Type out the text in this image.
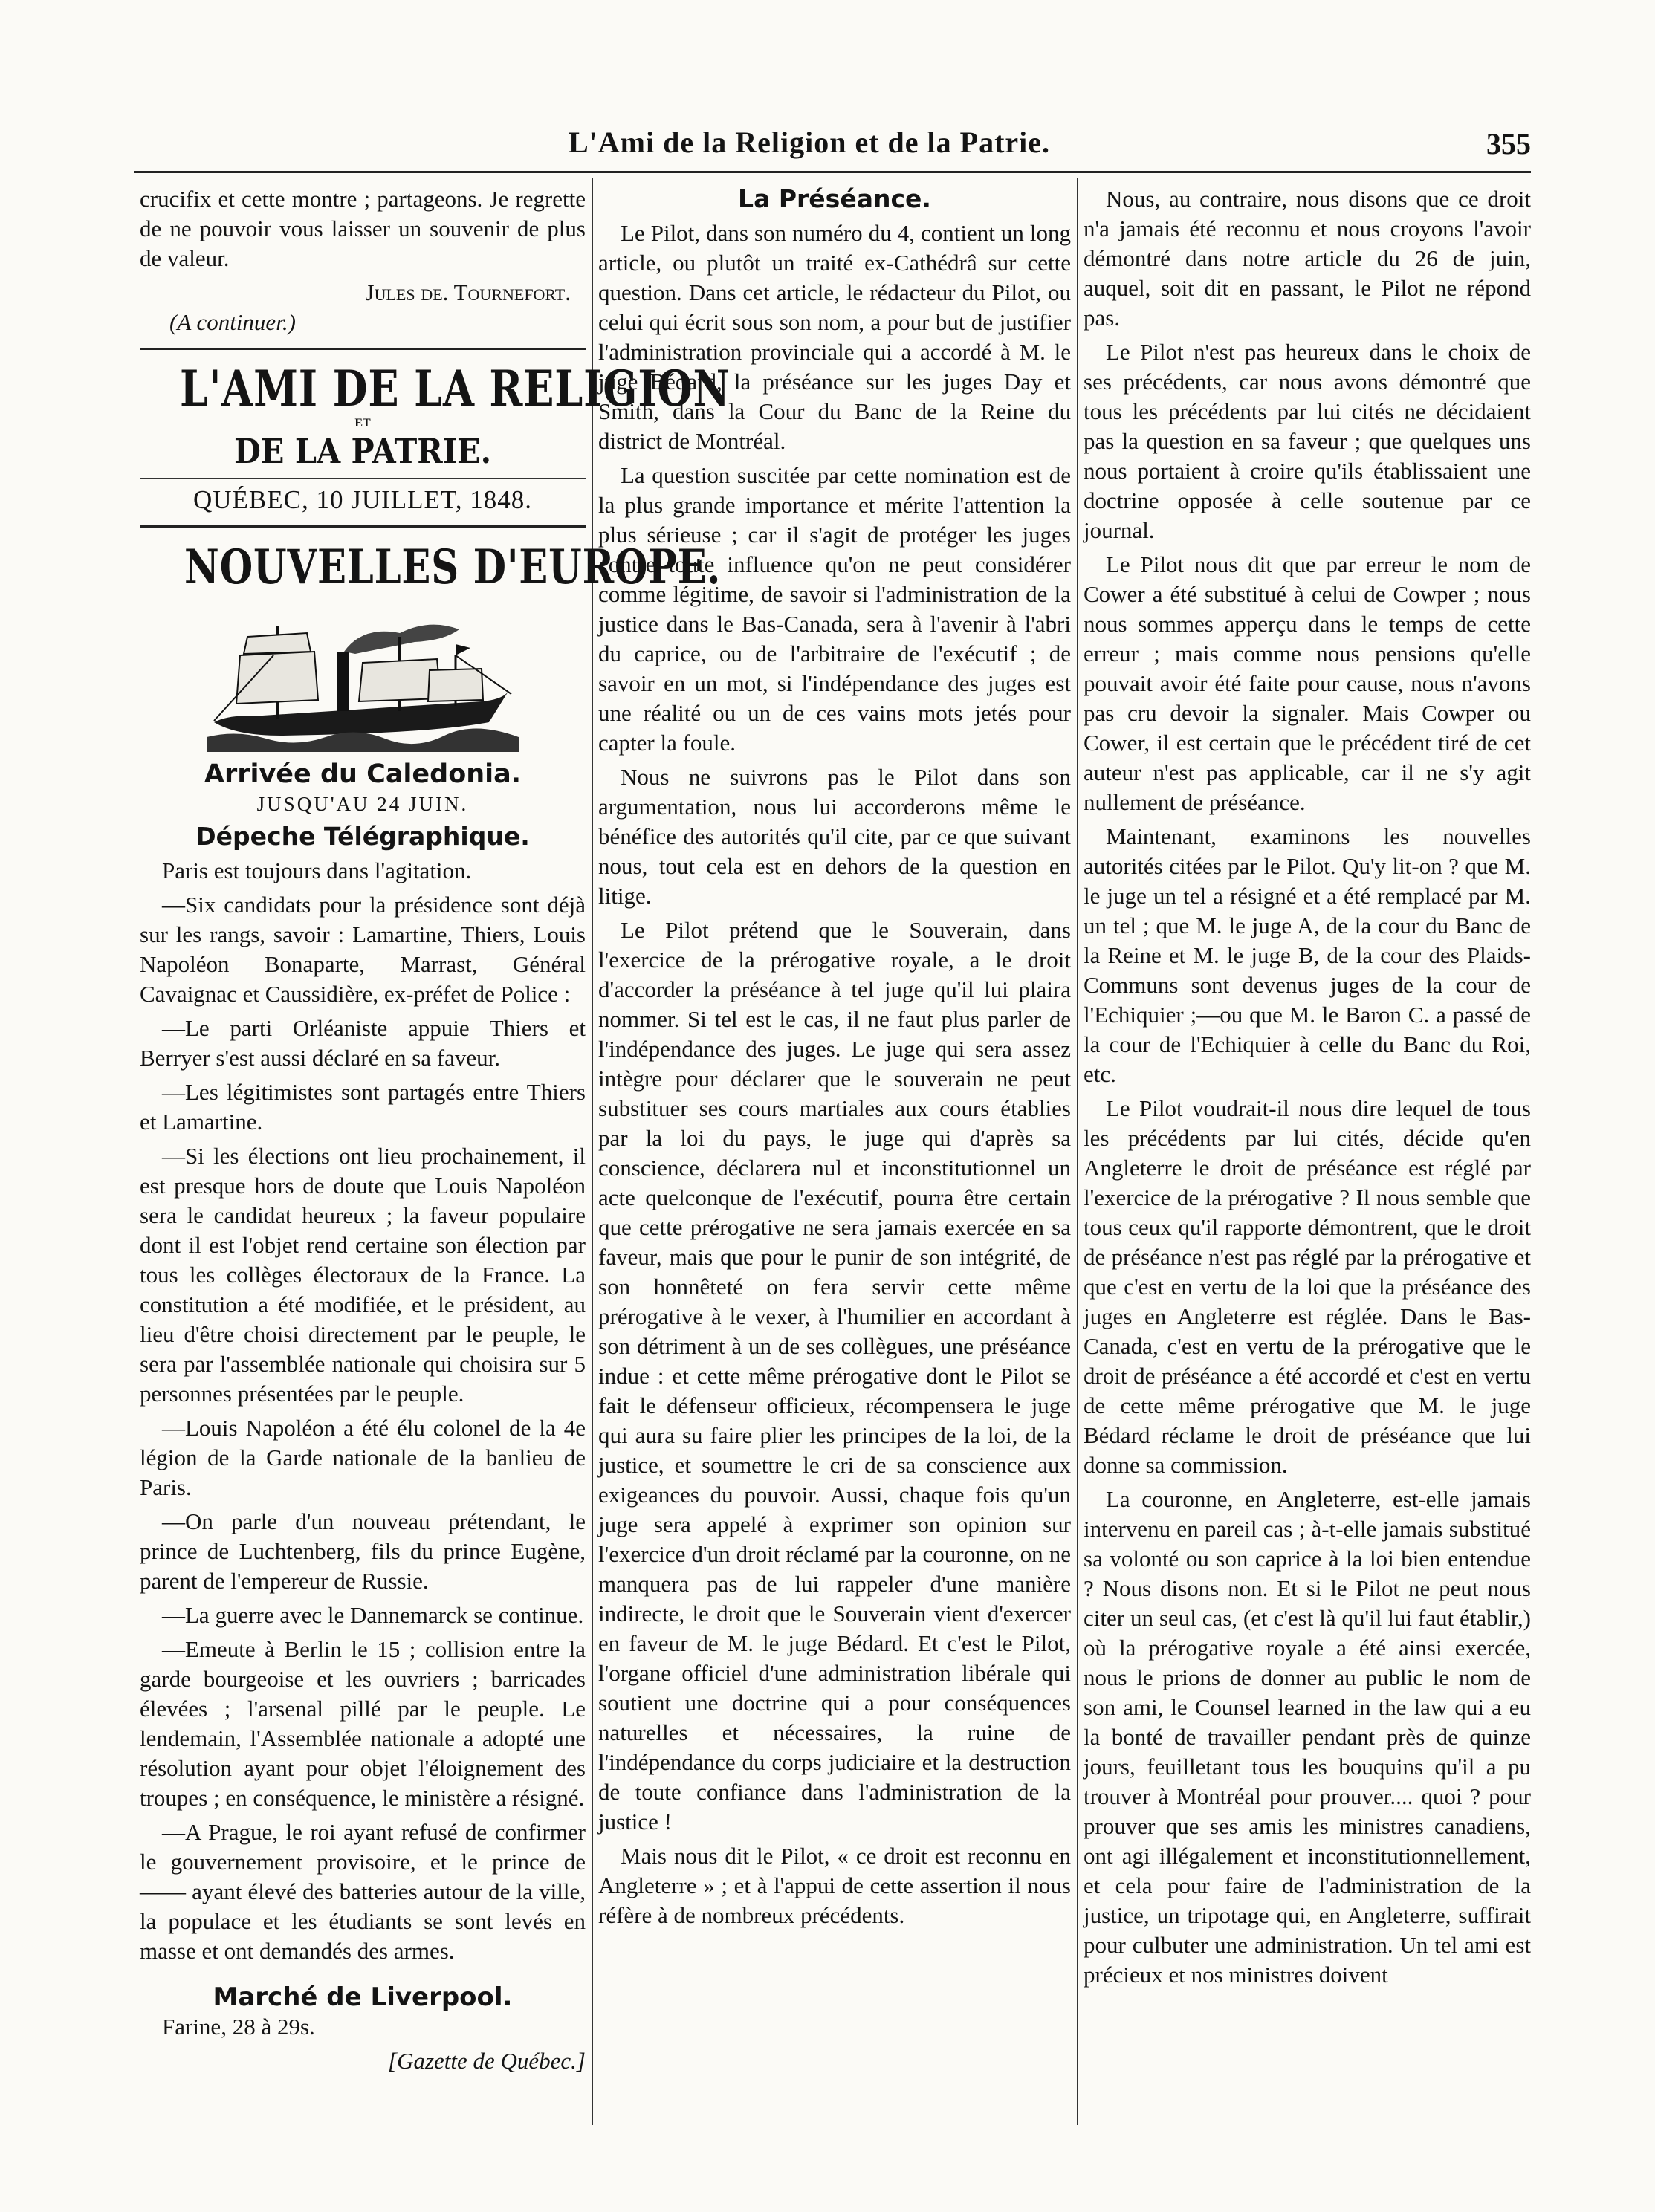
L'Ami de la Religion et de la Patrie.	355

crucifix et cette montre ; partageons. Je regrette de ne pouvoir vous laisser un souvenir de plus de valeur.

Jules de. Tournefort.
(A continuer.)
L'AMI DE LA RELIGION
ET
DE LA PATRIE.
QUÉBEC, 10 JUILLET, 1848.
NOUVELLES D'EUROPE.
Arrivée du Caledonia.
JUSQU'AU 24 JUIN.
Dépeche Télégraphique.

Paris est toujours dans l'agitation.

—Six candidats pour la présidence sont déjà sur les rangs, savoir : Lamartine, Thiers, Louis Napoléon Bonaparte, Marrast, Général Cavaignac et Caussidière, ex-préfet de Police :

—Le parti Orléaniste appuie Thiers et Berryer s'est aussi déclaré en sa faveur.

—Les légitimistes sont partagés entre Thiers et Lamartine.

—Si les élections ont lieu prochainement, il est presque hors de doute que Louis Napoléon sera le candidat heureux ; la faveur populaire dont il est l'objet rend certaine son élection par tous les collèges électoraux de la France. La constitution a été modifiée, et le président, au lieu d'être choisi directement par le peuple, le sera par l'assemblée nationale qui choisira sur 5 personnes présentées par le peuple.

—Louis Napoléon a été élu colonel de la 4e légion de la Garde nationale de la banlieu de Paris.

—On parle d'un nouveau prétendant, le prince de Luchtenberg, fils du prince Eugène, parent de l'empereur de Russie.

—La guerre avec le Dannemarck se continue.

—Emeute à Berlin le 15 ; collision entre la garde bourgeoise et les ouvriers ; barricades élevées ; l'arsenal pillé par le peuple. Le lendemain, l'Assemblée nationale a adopté une résolution ayant pour objet l'éloignement des troupes ; en conséquence, le ministère a résigné.

—A Prague, le roi ayant refusé de confirmer le gouvernement provisoire, et le prince de —— ayant élevé des batteries autour de la ville, la populace et les étudiants se sont levés en masse et ont demandés des armes.

Marché de Liverpool.

Farine, 28 à 29s.

[Gazette de Québec.]
La Préséance.

Le Pilot, dans son numéro du 4, contient un long article, ou plutôt un traité ex-Cathédrâ sur cette question. Dans cet article, le rédacteur du Pilot, ou celui qui écrit sous son nom, a pour but de justifier l'administration provinciale qui a accordé à M. le juge Bédard, la préséance sur les juges Day et Smith, dans la Cour du Banc de la Reine du district de Montréal.

La question suscitée par cette nomination est de la plus grande importance et mérite l'attention la plus sérieuse ; car il s'agit de protéger les juges contre toute influence qu'on ne peut considérer comme légitime, de savoir si l'administration de la justice dans le Bas-Canada, sera à l'avenir à l'abri du caprice, ou de l'arbitraire de l'exécutif ; de savoir en un mot, si l'indépendance des juges est une réalité ou un de ces vains mots jetés pour capter la foule.

Nous ne suivrons pas le Pilot dans son argumentation, nous lui accorderons même le bénéfice des autorités qu'il cite, par ce que suivant nous, tout cela est en dehors de la question en litige.

Le Pilot prétend que le Souverain, dans l'exercice de la prérogative royale, a le droit d'accorder la préséance à tel juge qu'il lui plaira nommer. Si tel est le cas, il ne faut plus parler de l'indépendance des juges. Le juge qui sera assez intègre pour déclarer que le souverain ne peut substituer ses cours martiales aux cours établies par la loi du pays, le juge qui d'après sa conscience, déclarera nul et inconstitutionnel un acte quelconque de l'exécutif, pourra être certain que cette prérogative ne sera jamais exercée en sa faveur, mais que pour le punir de son intégrité, de son honnêteté on fera servir cette même prérogative à le vexer, à l'humilier en accordant à son détriment à un de ses collègues, une préséance indue : et cette même prérogative dont le Pilot se fait le défenseur officieux, récompensera le juge qui aura su faire plier les principes de la loi, de la justice, et soumettre le cri de sa conscience aux exigeances du pouvoir. Aussi, chaque fois qu'un juge sera appelé à exprimer son opinion sur l'exercice d'un droit réclamé par la couronne, on ne manquera pas de lui rappeler d'une manière indirecte, le droit que le Souverain vient d'exercer en faveur de M. le juge Bédard. Et c'est le Pilot, l'organe officiel d'une administration libérale qui soutient une doctrine qui a pour conséquences naturelles et nécessaires, la ruine de l'indépendance du corps judiciaire et la destruction de toute confiance dans l'administration de la justice !

Mais nous dit le Pilot, « ce droit est reconnu en Angleterre » ; et à l'appui de cette assertion il nous réfère à de nombreux précédents.

Nous, au contraire, nous disons que ce droit n'a jamais été reconnu et nous croyons l'avoir démontré dans notre article du 26 de juin, auquel, soit dit en passant, le Pilot ne répond pas.

Le Pilot n'est pas heureux dans le choix de ses précédents, car nous avons démontré que tous les précédents par lui cités ne décidaient pas la question en sa faveur ; que quelques uns nous portaient à croire qu'ils établissaient une doctrine opposée à celle soutenue par ce journal.

Le Pilot nous dit que par erreur le nom de Cower a été substitué à celui de Cowper ; nous nous sommes apperçu dans le temps de cette erreur ; mais comme nous pensions qu'elle pouvait avoir été faite pour cause, nous n'avons pas cru devoir la signaler. Mais Cowper ou Cower, il est certain que le précédent tiré de cet auteur n'est pas applicable, car il ne s'y agit nullement de préséance.

Maintenant, examinons les nouvelles autorités citées par le Pilot. Qu'y lit-on ? que M. le juge un tel a résigné et a été remplacé par M. un tel ; que M. le juge A, de la cour du Banc de la Reine et M. le juge B, de la cour des Plaids-Communs sont devenus juges de la cour de l'Echiquier ;—ou que M. le Baron C. a passé de la cour de l'Echiquier à celle du Banc du Roi, etc.

Le Pilot voudrait-il nous dire lequel de tous les précédents par lui cités, décide qu'en Angleterre le droit de préséance est réglé par l'exercice de la prérogative ? Il nous semble que tous ceux qu'il rapporte démontrent, que le droit de préséance n'est pas réglé par la prérogative et que c'est en vertu de la loi que la préséance des juges en Angleterre est réglée. Dans le Bas-Canada, c'est en vertu de la prérogative que le droit de préséance a été accordé et c'est en vertu de cette même prérogative que M. le juge Bédard réclame le droit de préséance que lui donne sa commission.

La couronne, en Angleterre, est-elle jamais intervenu en pareil cas ; à-t-elle jamais substitué sa volonté ou son caprice à la loi bien entendue ? Nous disons non. Et si le Pilot ne peut nous citer un seul cas, (et c'est là qu'il lui faut établir,) où la prérogative royale a été ainsi exercée, nous le prions de donner au public le nom de son ami, le Counsel learned in the law qui a eu la bonté de travailler pendant près de quinze jours, feuilletant tous les bouquins qu'il a pu trouver à Montréal pour prouver.... quoi ? pour prouver que ses amis les ministres canadiens, ont agi illégalement et inconstitutionnellement, et cela pour faire de l'administration de la justice, un tripotage qui, en Angleterre, suffirait pour culbuter une administration. Un tel ami est précieux et nos ministres doivent
